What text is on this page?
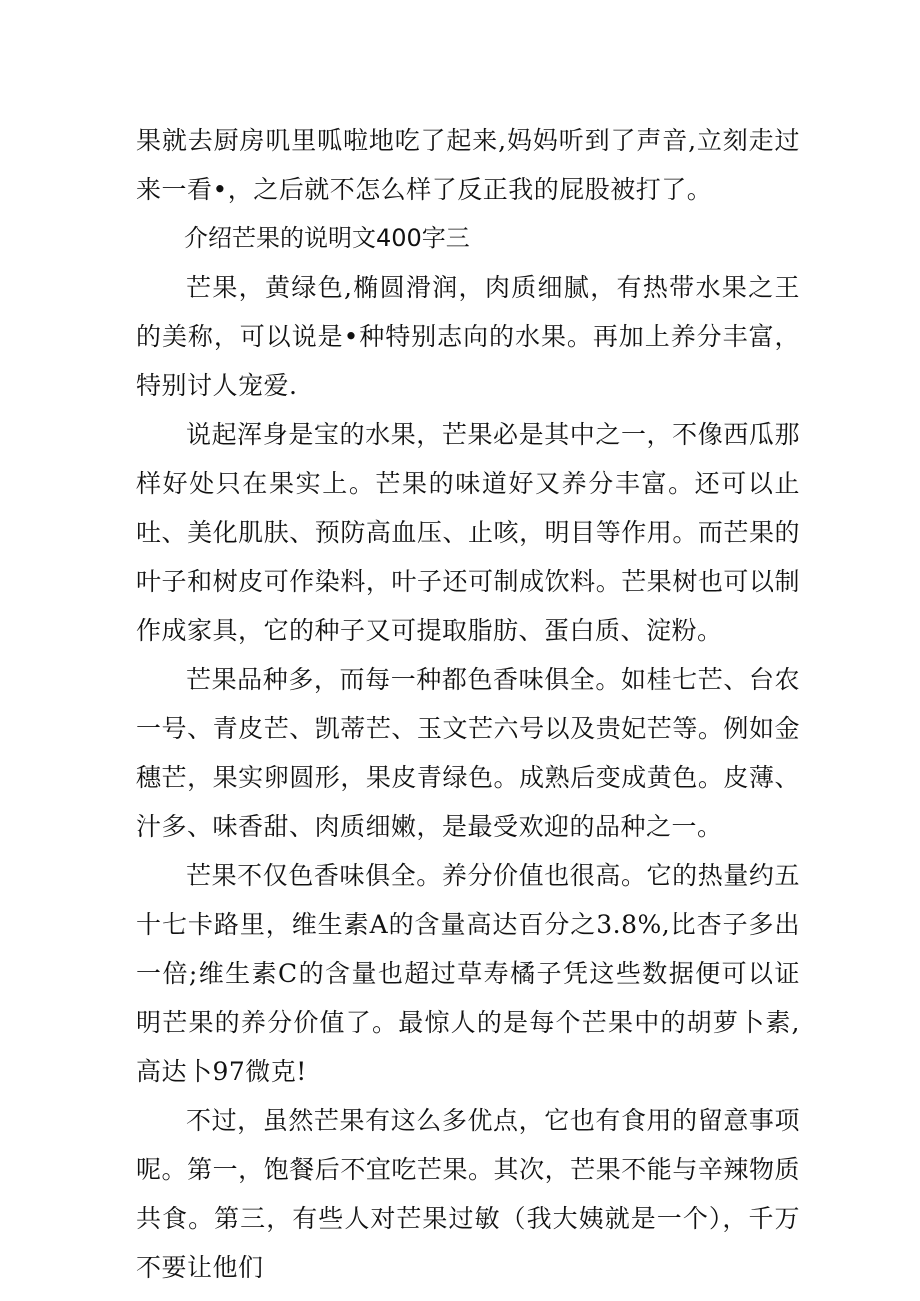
果就去厨房叽里呱啦地吃了起来,妈妈听到了声音,立刻走过来一看•，之后就不怎么样了反正我的屁股被打了。

介绍芒果的说明文400字三

芒果，黄绿色,椭圆滑润，肉质细腻，有热带水果之王的美称，可以说是•种特别志向的水果。再加上养分丰富，特别讨人宠爱.

说起浑身是宝的水果，芒果必是其中之一，不像西瓜那样好处只在果实上。芒果的味道好又养分丰富。还可以止吐、美化肌肤、预防高血压、止咳，明目等作用。而芒果的叶子和树皮可作染料，叶子还可制成饮料。芒果树也可以制作成家具，它的种子又可提取脂肪、蛋白质、淀粉。

芒果品种多，而每一种都色香味俱全。如桂七芒、台农一号、青皮芒、凯蒂芒、玉文芒六号以及贵妃芒等。例如金穗芒，果实卵圆形，果皮青绿色。成熟后变成黄色。皮薄、汁多、味香甜、肉质细嫩，是最受欢迎的品种之一。

芒果不仅色香味俱全。养分价值也很高。它的热量约五十七卡路里，维生素A的含量高达百分之3.8%,比杏子多出一倍;维生素C的含量也超过草寿橘子凭这些数据便可以证明芒果的养分价值了。最惊人的是每个芒果中的胡萝卜素,高达卜97微克!

不过，虽然芒果有这么多优点，它也有食用的留意事项呢。第一，饱餐后不宜吃芒果。其次，芒果不能与辛辣物质共食。第三，有些人对芒果过敏（我大姨就是一个），千万不要让他们
